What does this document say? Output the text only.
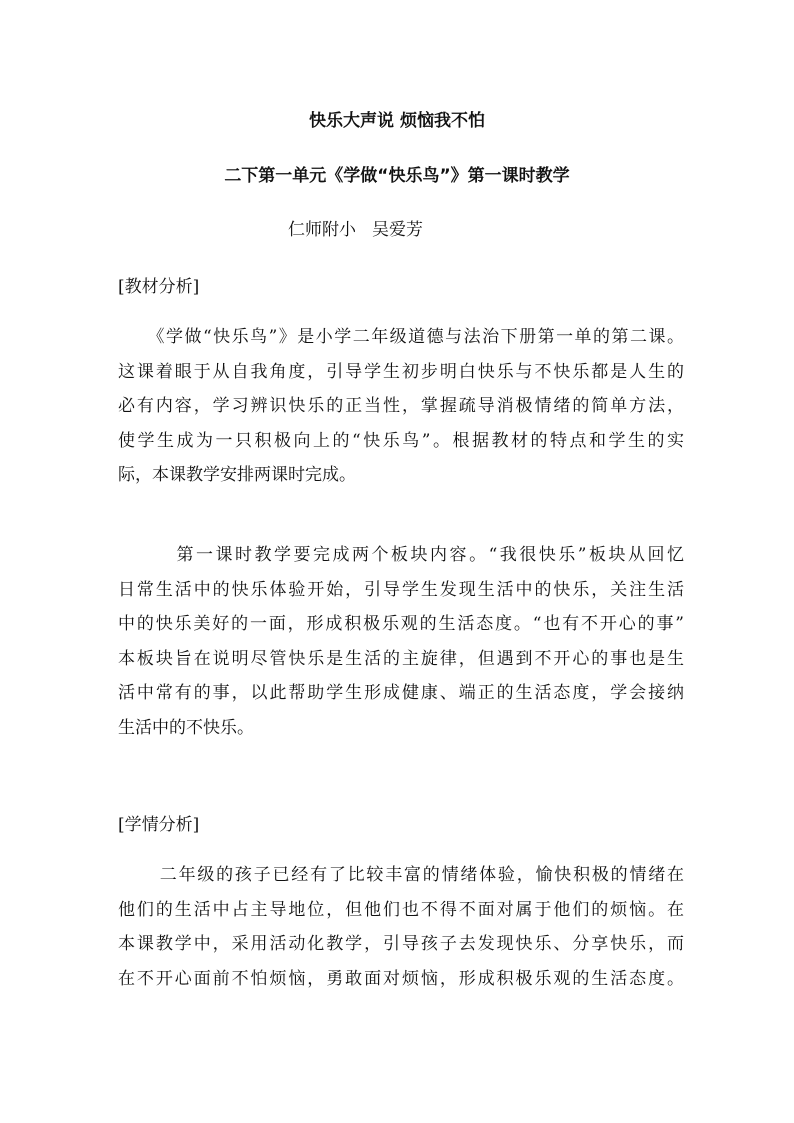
快乐大声说 烦恼我不怕
二下第一单元《学做“快乐鸟”》第一课时教学
仁师附小 吴爱芳
[教材分析]
《学做“快乐鸟”》是小学二年级道德与法治下册第一单的第二课。
这课着眼于从自我角度，引导学生初步明白快乐与不快乐都是人生的
必有内容，学习辨识快乐的正当性，掌握疏导消极情绪的简单方法，
使学生成为一只积极向上的“快乐鸟”。根据教材的特点和学生的实
际，本课教学安排两课时完成。
第一课时教学要完成两个板块内容。“我很快乐”板块从回忆
日常生活中的快乐体验开始，引导学生发现生活中的快乐，关注生活
中的快乐美好的一面，形成积极乐观的生活态度。“也有不开心的事”
本板块旨在说明尽管快乐是生活的主旋律，但遇到不开心的事也是生
活中常有的事，以此帮助学生形成健康、端正的生活态度，学会接纳
生活中的不快乐。
[学情分析]
二年级的孩子已经有了比较丰富的情绪体验，愉快积极的情绪在
他们的生活中占主导地位，但他们也不得不面对属于他们的烦恼。在
本课教学中，采用活动化教学，引导孩子去发现快乐、分享快乐，而
在不开心面前不怕烦恼，勇敢面对烦恼，形成积极乐观的生活态度。
